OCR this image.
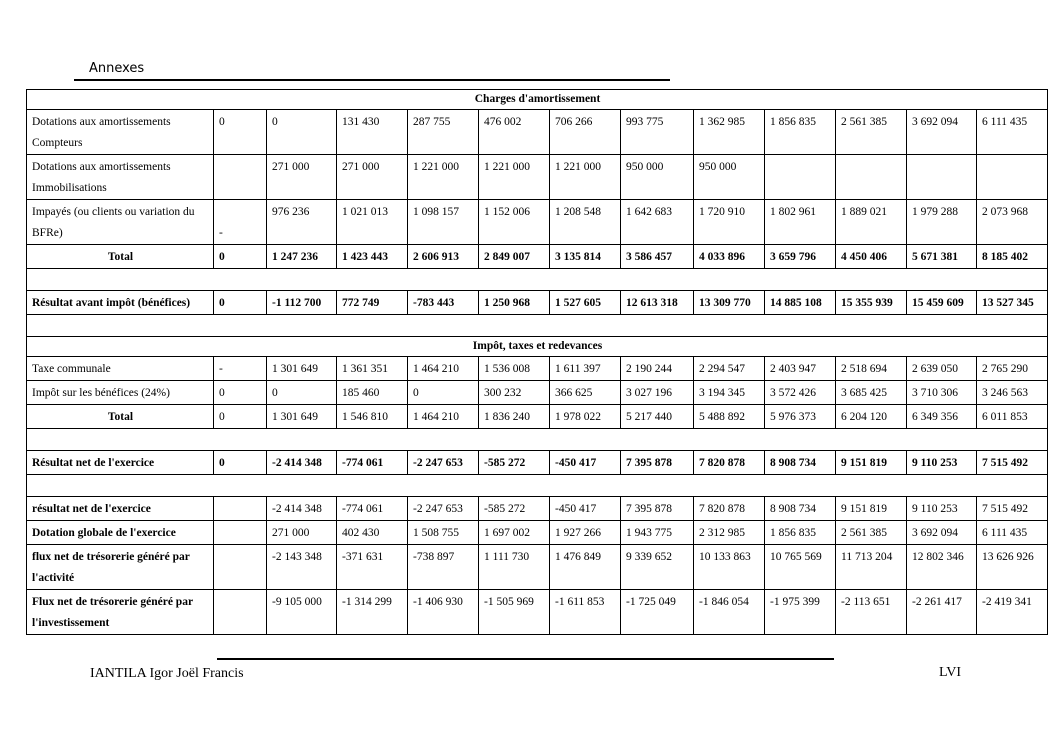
Annexes
Charges d'amortissement												
Dotations aux amortissements Compteurs	0	0	131 430	287 755	476 002	706 266	993 775	1 362 985	1 856 835	2 561 385	3 692 094	6 111 435
Dotations aux amortissements Immobilisations		271 000	271 000	1 221 000	1 221 000	1 221 000	950 000	950 000				
Impayés (ou clients ou variation du BFRe)	-	976 236	1 021 013	1 098 157	1 152 006	1 208 548	1 642 683	1 720 910	1 802 961	1 889 021	1 979 288	2 073 968
Total	0	1 247 236	1 423 443	2 606 913	2 849 007	3 135 814	3 586 457	4 033 896	3 659 796	4 450 406	5 671 381	8 185 402

Résultat avant impôt (bénéfices)	0	-1 112 700	772 749	-783 443	1 250 968	1 527 605	12 613 318	13 309 770	14 885 108	15 355 939	15 459 609	13 527 345

Impôt, taxes et redevances												
Taxe communale	-	1 301 649	1 361 351	1 464 210	1 536 008	1 611 397	2 190 244	2 294 547	2 403 947	2 518 694	2 639 050	2 765 290
Impôt sur les bénéfices (24%)	0	0	185 460	0	300 232	366 625	3 027 196	3 194 345	3 572 426	3 685 425	3 710 306	3 246 563
Total	0	1 301 649	1 546 810	1 464 210	1 836 240	1 978 022	5 217 440	5 488 892	5 976 373	6 204 120	6 349 356	6 011 853

Résultat net de l'exercice	0	-2 414 348	-774 061	-2 247 653	-585 272	-450 417	7 395 878	7 820 878	8 908 734	9 151 819	9 110 253	7 515 492

résultat net de l'exercice		-2 414 348	-774 061	-2 247 653	-585 272	-450 417	7 395 878	7 820 878	8 908 734	9 151 819	9 110 253	7 515 492
Dotation globale de l'exercice		271 000	402 430	1 508 755	1 697 002	1 927 266	1 943 775	2 312 985	1 856 835	2 561 385	3 692 094	6 111 435
flux net de trésorerie généré par l'activité		-2 143 348	-371 631	-738 897	1 111 730	1 476 849	9 339 652	10 133 863	10 765 569	11 713 204	12 802 346	13 626 926
Flux net de trésorerie généré par l'investissement		-9 105 000	-1 314 299	-1 406 930	-1 505 969	-1 611 853	-1 725 049	-1 846 054	-1 975 399	-2 113 651	-2 261 417	-2 419 341
IANTILA Igor Joël Francis	LVI
